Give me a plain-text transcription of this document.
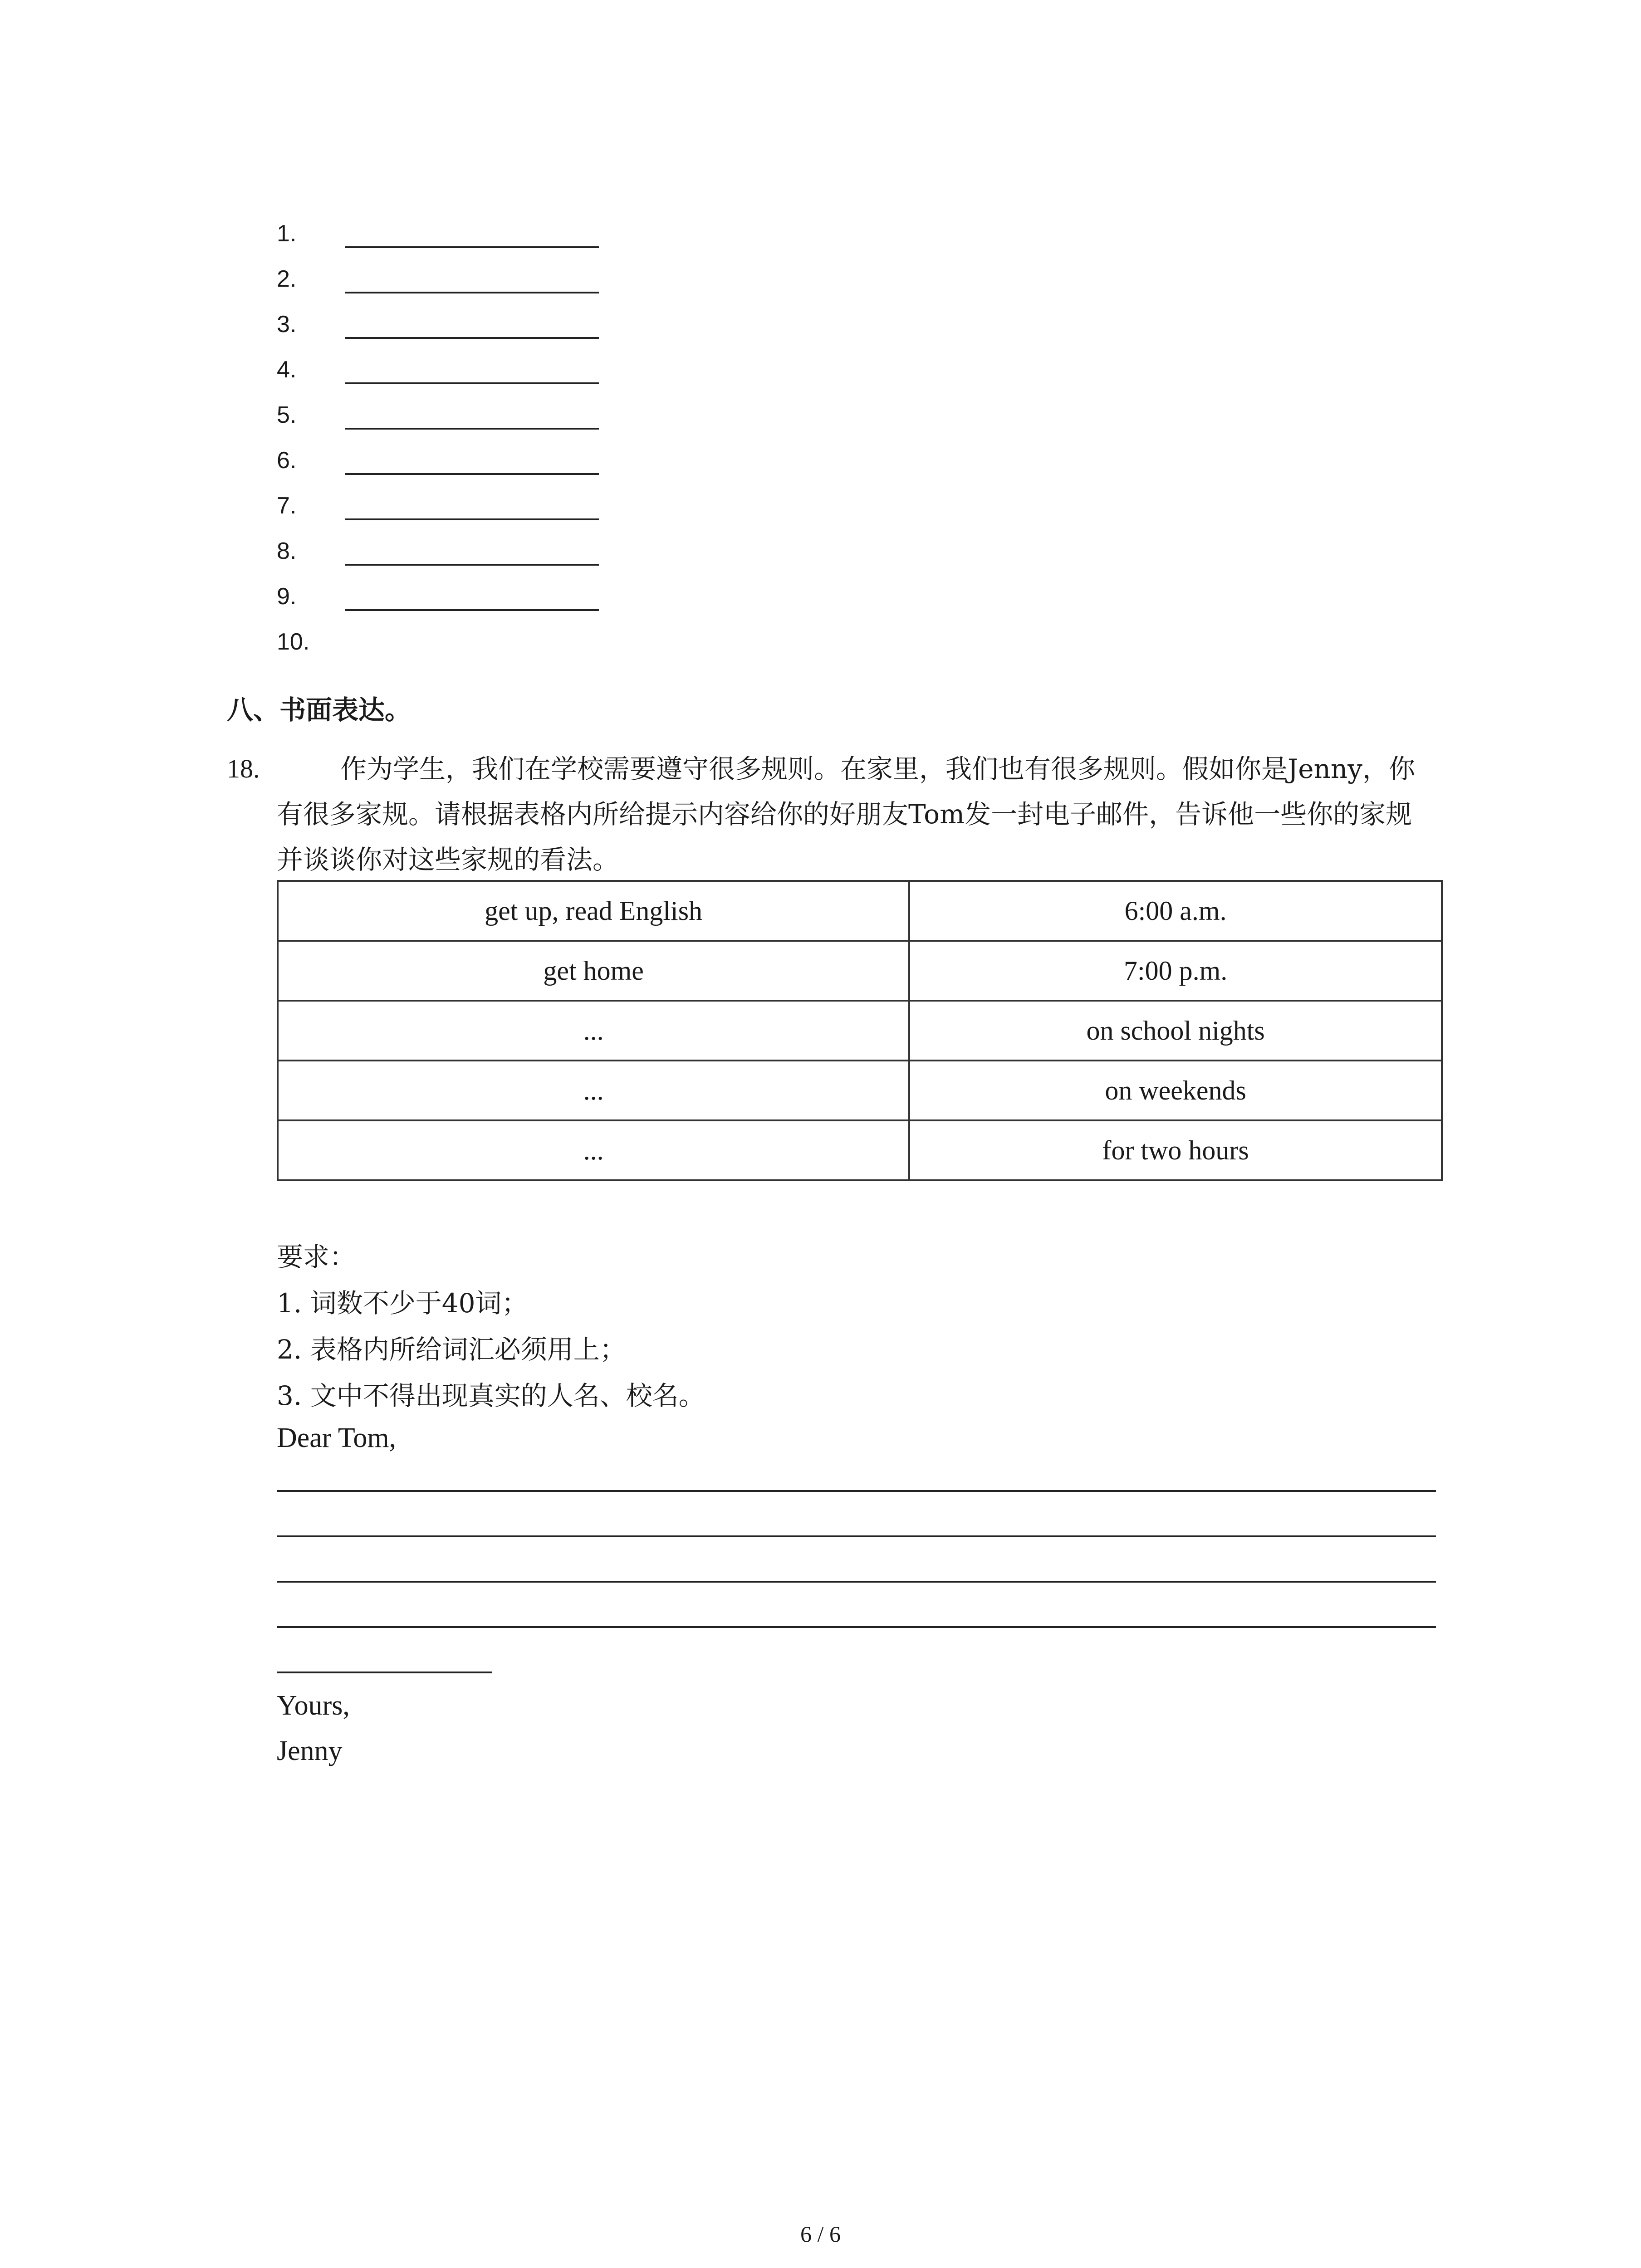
1.
2.
3.
4.
5.
6.
7.
8.
9.
10.
八、书面表达。
18.	作为学生，我们在学校需要遵守很多规则。在家里，我们也有很多规则。假如你是Jenny，你有很多家规。请根据表格内所给提示内容给你的好朋友Tom发一封电子邮件，告诉他一些你的家规并谈谈你对这些家规的看法。
get up, read English	6:00 a.m.
get home	7:00 p.m.
...	on school nights
...	on weekends
...	for two hours
要求：
1. 词数不少于40词；
2. 表格内所给词汇必须用上；
3. 文中不得出现真实的人名、校名。
Dear Tom,
Yours,
Jenny
6 / 6
